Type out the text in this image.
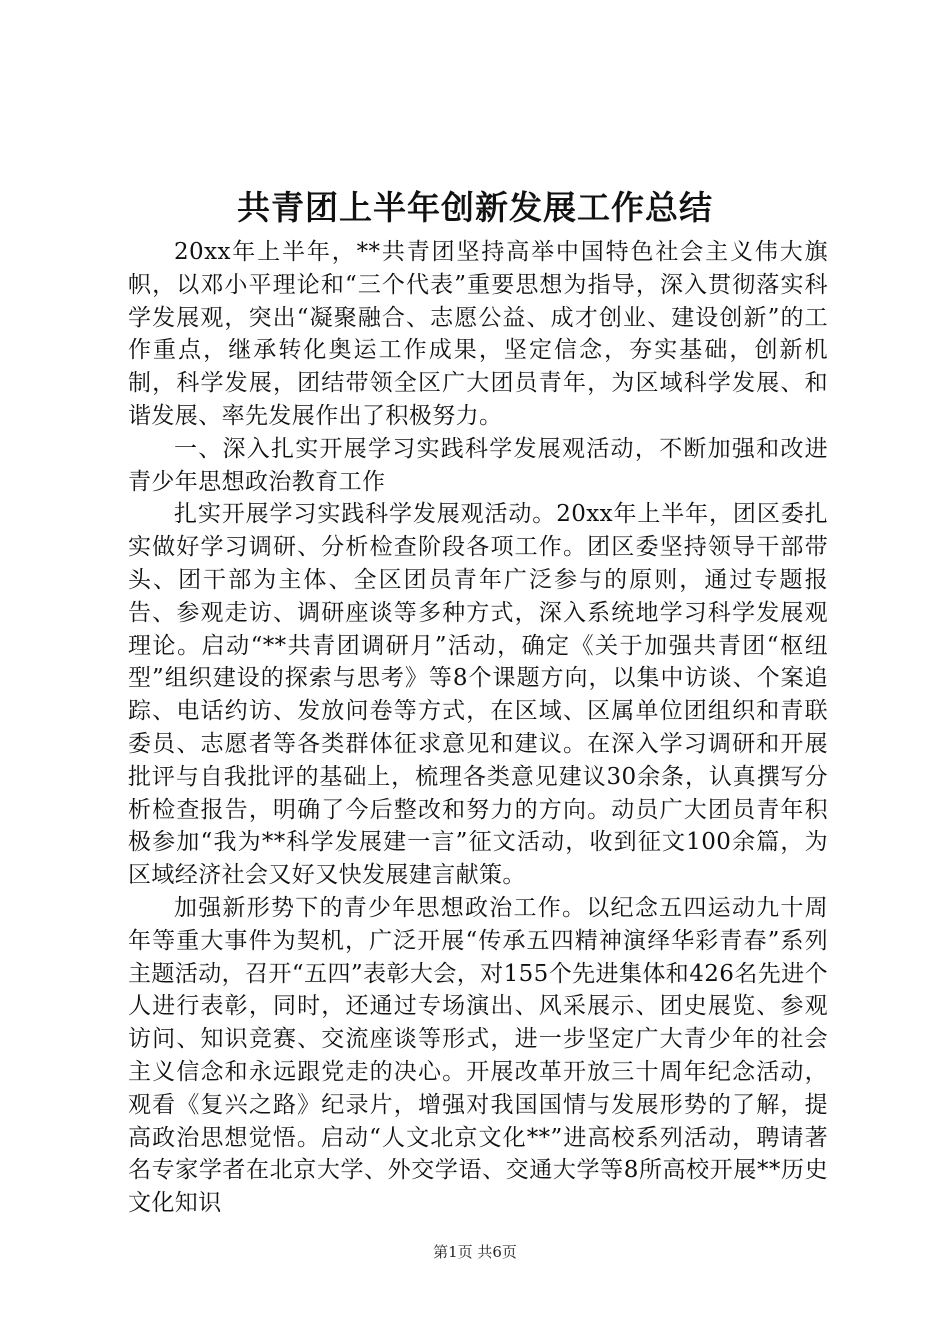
共青团上半年创新发展工作总结

20xx年上半年，**共青团坚持高举中国特色社会主义伟大旗帜，以邓小平理论和“三个代表”重要思想为指导，深入贯彻落实科学发展观，突出“凝聚融合、志愿公益、成才创业、建设创新”的工作重点，继承转化奥运工作成果，坚定信念，夯实基础，创新机制，科学发展，团结带领全区广大团员青年，为区域科学发展、和谐发展、率先发展作出了积极努力。

一、深入扎实开展学习实践科学发展观活动，不断加强和改进青少年思想政治教育工作

扎实开展学习实践科学发展观活动。20xx年上半年，团区委扎实做好学习调研、分析检查阶段各项工作。团区委坚持领导干部带头、团干部为主体、全区团员青年广泛参与的原则，通过专题报告、参观走访、调研座谈等多种方式，深入系统地学习科学发展观理论。启动“**共青团调研月”活动，确定《关于加强共青团“枢纽型”组织建设的探索与思考》等8个课题方向，以集中访谈、个案追踪、电话约访、发放问卷等方式，在区域、区属单位团组织和青联委员、志愿者等各类群体征求意见和建议。在深入学习调研和开展批评与自我批评的基础上，梳理各类意见建议30余条，认真撰写分析检查报告，明确了今后整改和努力的方向。动员广大团员青年积极参加“我为**科学发展建一言”征文活动，收到征文100余篇，为区域经济社会又好又快发展建言献策。

加强新形势下的青少年思想政治工作。以纪念五四运动九十周年等重大事件为契机，广泛开展“传承五四精神演绎华彩青春”系列主题活动，召开“五四”表彰大会，对155个先进集体和426名先进个人进行表彰，同时，还通过专场演出、风采展示、团史展览、参观访问、知识竞赛、交流座谈等形式，进一步坚定广大青少年的社会主义信念和永远跟党走的决心。开展改革开放三十周年纪念活动，观看《复兴之路》纪录片，增强对我国国情与发展形势的了解，提高政治思想觉悟。启动“人文北京文化**”进高校系列活动，聘请著名专家学者在北京大学、外交学语、交通大学等8所高校开展**历史文化知识

第1页 共6页
